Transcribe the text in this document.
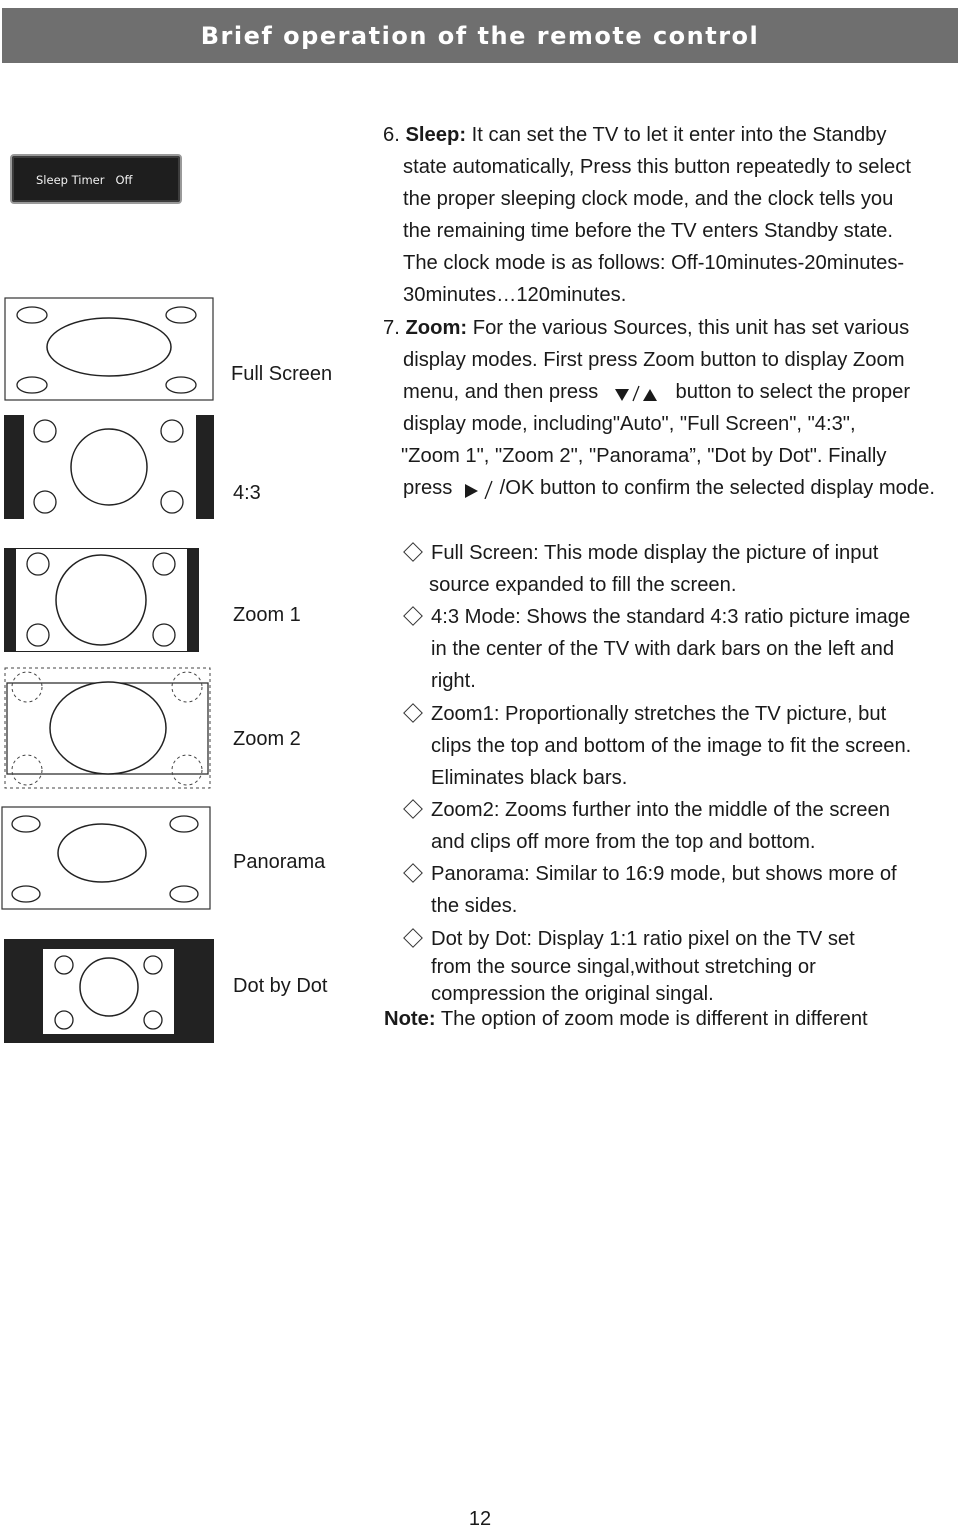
Brief operation of the remote control
Sleep Timer   Off
Full Screen
4:3
Zoom 1
Zoom 2
Panorama
Dot by Dot
6. Sleep: It can set the TV to let it enter into the Standby
state automatically, Press this button repeatedly to select
the proper sleeping clock mode, and the clock tells you
the remaining time before the TV enters Standby state.
The clock mode is as follows: Off-10minutes-20minutes-
30minutes…120minutes.
7. Zoom: For the various Sources, this unit has set various
display modes. First press Zoom button to display Zoom
menu, and then press	button to select the proper
display mode, including"Auto", "Full Screen", "4:3",
"Zoom 1", "Zoom 2", "Panorama”, "Dot by Dot". Finally
press /OK button to confirm the selected display mode.
Full Screen: This mode display the picture of input
source expanded to fill the screen.
4:3 Mode: Shows the standard 4:3 ratio picture image
in the center of the TV with dark bars on the left and
right.
Zoom1: Proportionally stretches the TV picture, but
clips the top and bottom of the image to fit the screen.
Eliminates black bars.
Zoom2: Zooms further into the middle of the screen
and clips off more from the top and bottom.
Panorama: Similar to 16:9 mode, but shows more of
the sides.
Dot by Dot: Display 1:1 ratio pixel on the TV set
from the source singal,without stretching or
compression the original singal.
Note: The option of zoom mode is different in different
12
